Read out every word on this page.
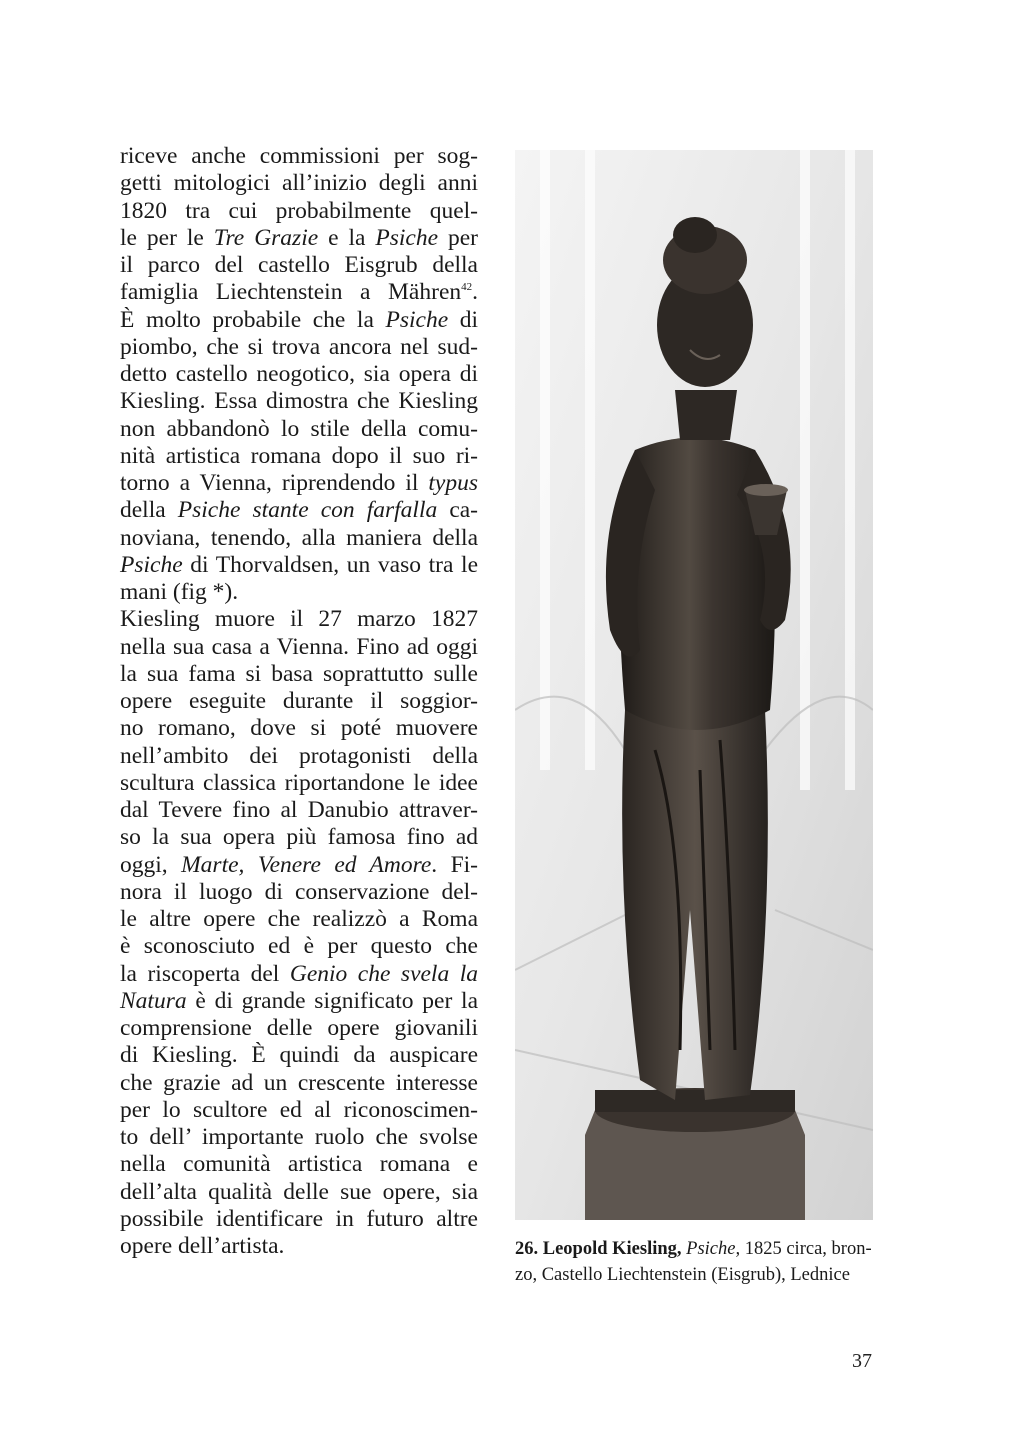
riceve anche commissioni per sog-
getti mitologici all’inizio degli anni
1820 tra cui probabilmente quel-
le per le Tre Grazie e la Psiche per
il parco del castello Eisgrub della
famiglia Liechtenstein a Mähren$^{42}$.
È molto probabile che la Psiche di
piombo, che si trova ancora nel sud-
detto castello neogotico, sia opera di
Kiesling. Essa dimostra che Kiesling
non abbandonò lo stile della comu-
nità artistica romana dopo il suo ri-
torno a Vienna, riprendendo il typus
della Psiche stante con farfalla ca-
noviana, tenendo, alla maniera della
Psiche di Thorvaldsen, un vaso tra le
mani (fig *).
Kiesling muore il 27 marzo 1827
nella sua casa a Vienna. Fino ad oggi
la sua fama si basa soprattutto sulle
opere eseguite durante il soggior-
no romano, dove si poté muovere
nell’ambito dei protagonisti della
scultura classica riportandone le idee
dal Tevere fino al Danubio attraver-
so la sua opera più famosa fino ad
oggi, Marte, Venere ed Amore. Fi-
nora il luogo di conservazione del-
le altre opere che realizzò a Roma
è sconosciuto ed è per questo che
la riscoperta del Genio che svela la
Natura è di grande significato per la
comprensione delle opere giovanili
di Kiesling. È quindi da auspicare
che grazie ad un crescente interesse
per lo scultore ed al riconoscimen-
to dell’ importante ruolo che svolse
nella comunità artistica romana e
dell’alta qualità delle sue opere, sia
possibile identificare in futuro altre
opere dell’artista.	26. Leopold Kiesling, Psiche, 1825 circa, bron-
zo, Castello Liechtenstein (Eisgrub), Lednice
37
